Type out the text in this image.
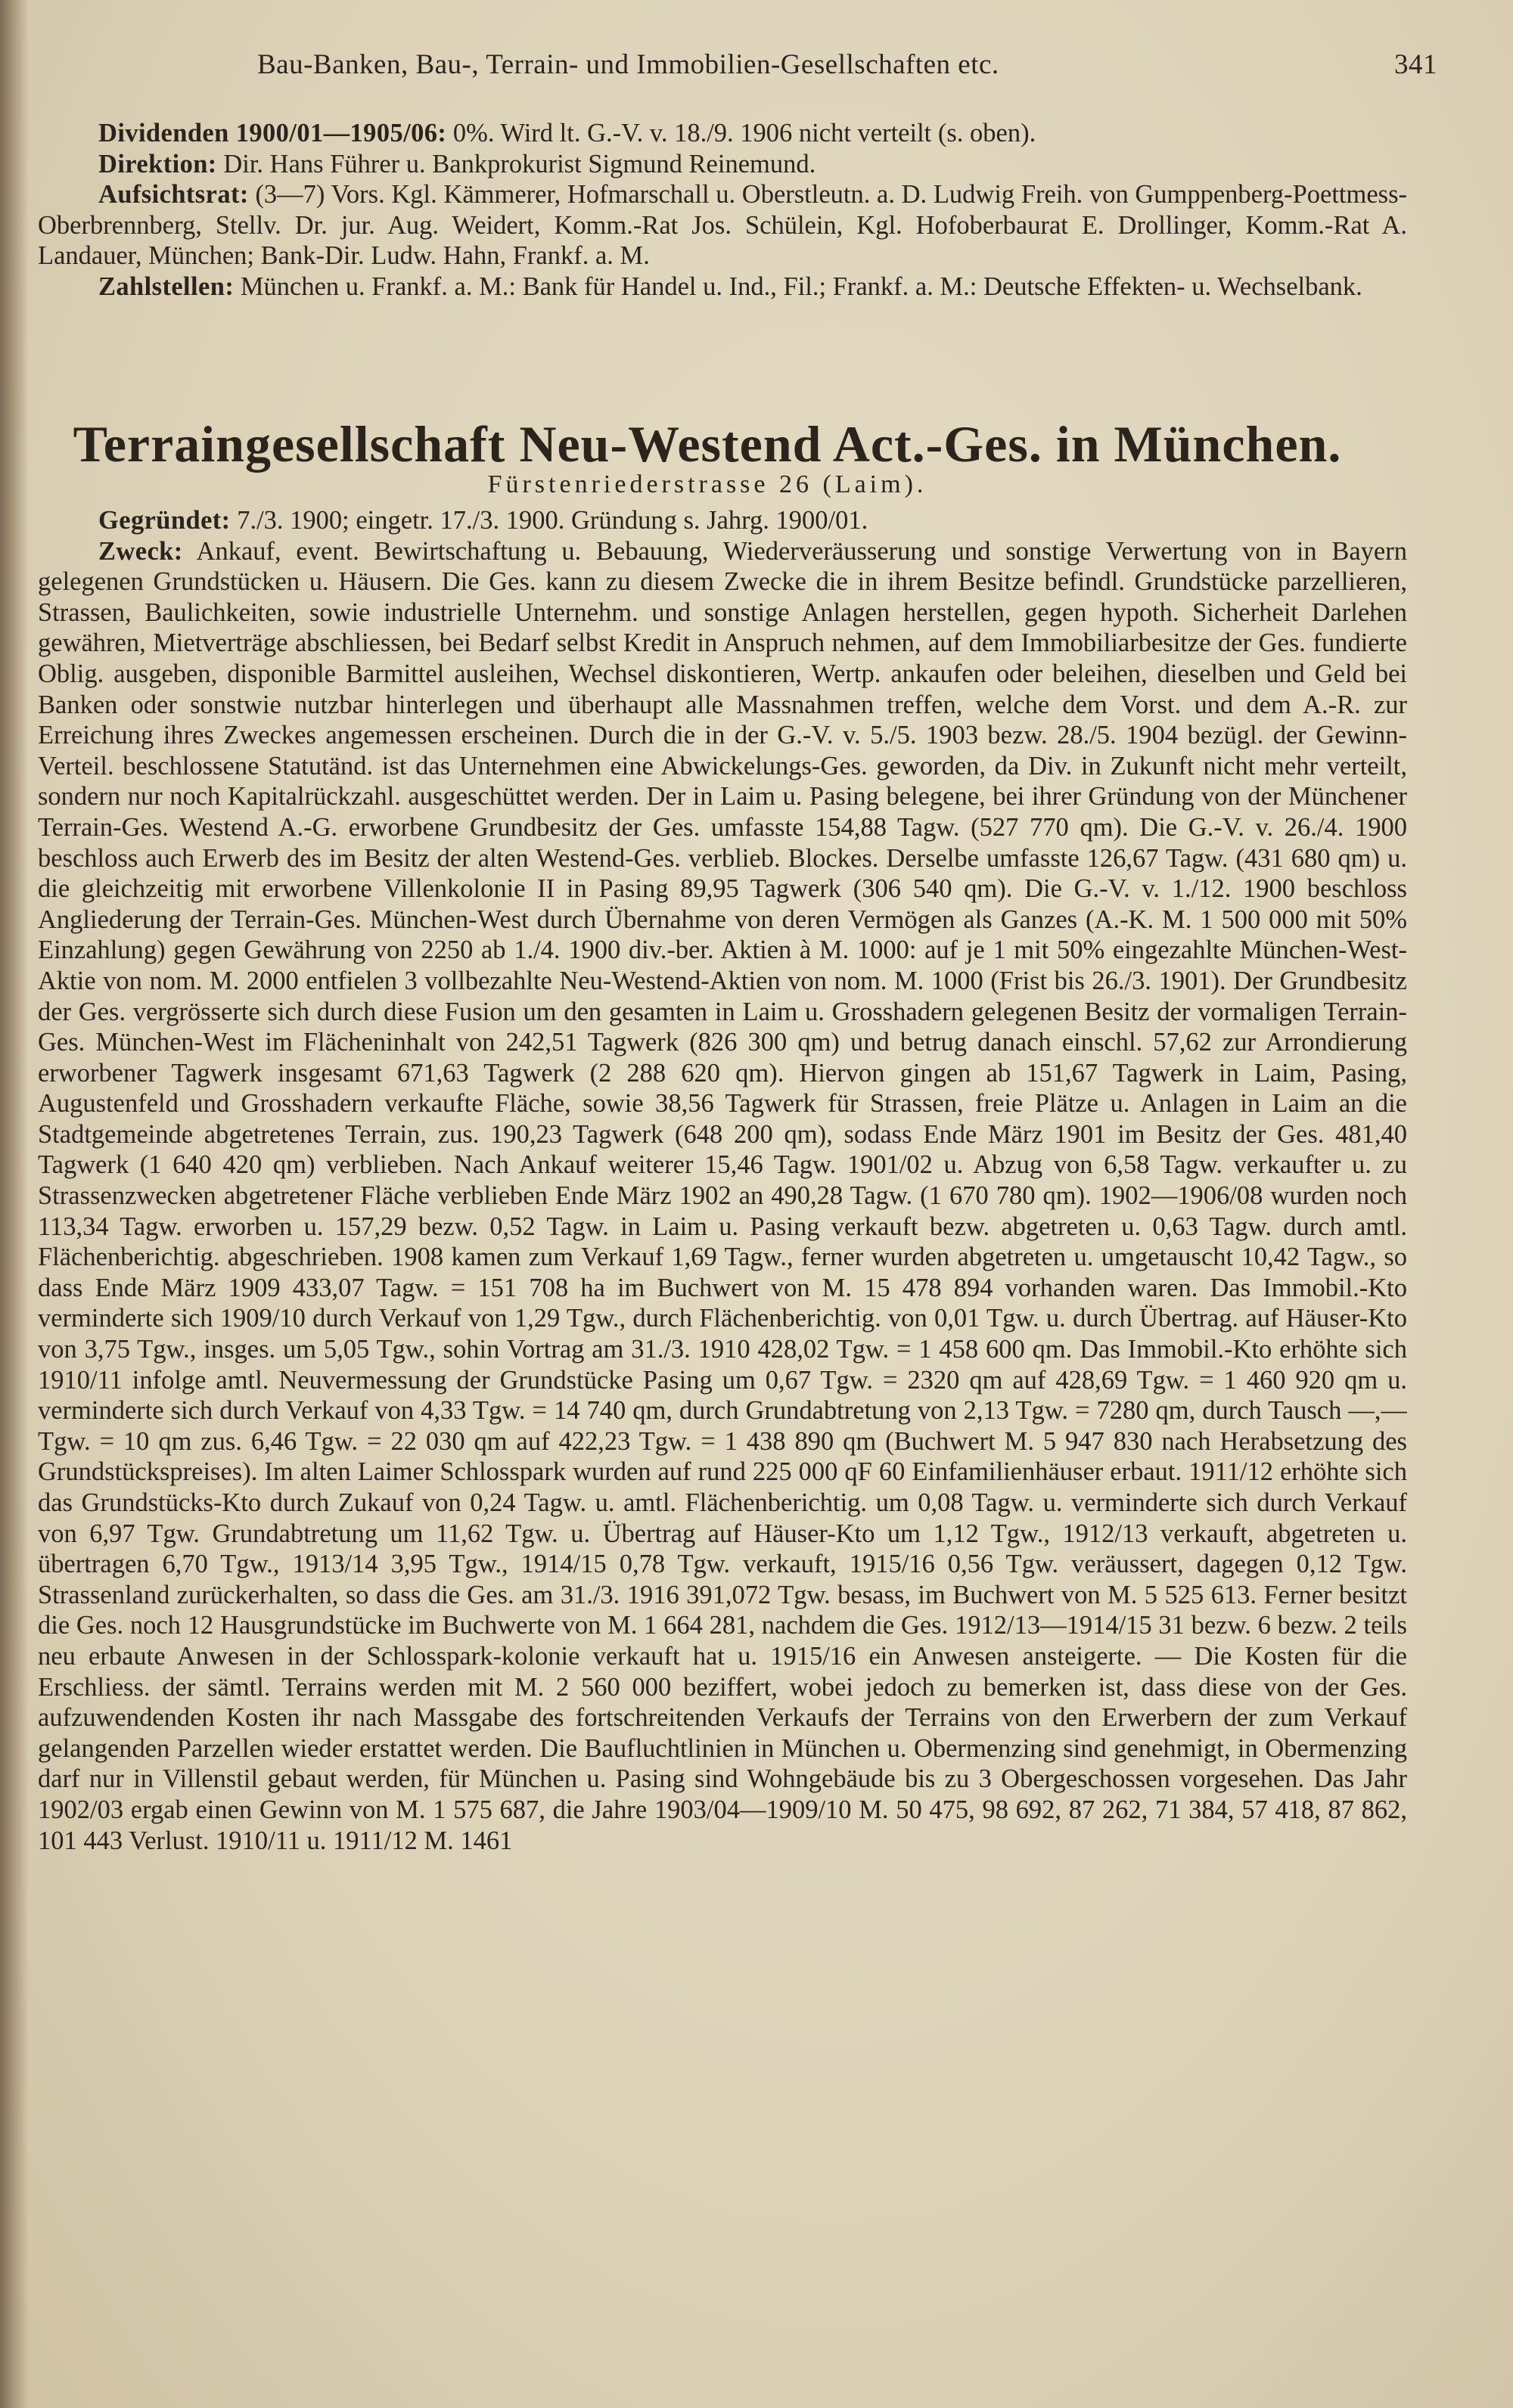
Bau-Banken, Bau-, Terrain- und Immobilien-Gesellschaften etc.	341

Dividenden 1900/01—1905/06: 0%. Wird lt. G.-V. v. 18./9. 1906 nicht verteilt (s. oben).

Direktion: Dir. Hans Führer u. Bankprokurist Sigmund Reinemund.

Aufsichtsrat: (3—7) Vors. Kgl. Kämmerer, Hofmarschall u. Oberstleutn. a. D. Ludwig Freih. von Gumppenberg-Poettmess-Oberbrennberg, Stellv. Dr. jur. Aug. Weidert, Komm.-Rat Jos. Schülein, Kgl. Hofoberbaurat E. Drollinger, Komm.-Rat A. Landauer, München; Bank-Dir. Ludw. Hahn, Frankf. a. M.

Zahlstellen: München u. Frankf. a. M.: Bank für Handel u. Ind., Fil.; Frankf. a. M.: Deutsche Effekten- u. Wechselbank.

Terraingesellschaft Neu-Westend Act.-Ges. in München.
Fürstenriederstrasse 26 (Laim).

Gegründet: 7./3. 1900; eingetr. 17./3. 1900. Gründung s. Jahrg. 1900/01.

Zweck: Ankauf, event. Bewirtschaftung u. Bebauung, Wiederveräusserung und sonstige Verwertung von in Bayern gelegenen Grundstücken u. Häusern. Die Ges. kann zu diesem Zwecke die in ihrem Besitze befindl. Grundstücke parzellieren, Strassen, Baulichkeiten, sowie industrielle Unternehm. und sonstige Anlagen herstellen, gegen hypoth. Sicherheit Darlehen gewähren, Mietverträge abschliessen, bei Bedarf selbst Kredit in Anspruch nehmen, auf dem Immobiliarbesitze der Ges. fundierte Oblig. ausgeben, disponible Barmittel ausleihen, Wechsel diskontieren, Wertp. ankaufen oder beleihen, dieselben und Geld bei Banken oder sonstwie nutzbar hinterlegen und überhaupt alle Massnahmen treffen, welche dem Vorst. und dem A.-R. zur Erreichung ihres Zweckes angemessen erscheinen. Durch die in der G.-V. v. 5./5. 1903 bezw. 28./5. 1904 bezügl. der Gewinn-Verteil. beschlossene Statutänd. ist das Unternehmen eine Abwickelungs-Ges. geworden, da Div. in Zukunft nicht mehr verteilt, sondern nur noch Kapitalrückzahl. ausgeschüttet werden. Der in Laim u. Pasing belegene, bei ihrer Gründung von der Münchener Terrain-Ges. Westend A.-G. erworbene Grundbesitz der Ges. umfasste 154,88 Tagw. (527 770 qm). Die G.-V. v. 26./4. 1900 beschloss auch Erwerb des im Besitz der alten Westend-Ges. verblieb. Blockes. Derselbe umfasste 126,67 Tagw. (431 680 qm) u. die gleichzeitig mit erworbene Villenkolonie II in Pasing 89,95 Tagwerk (306 540 qm). Die G.-V. v. 1./12. 1900 beschloss Angliederung der Terrain-Ges. München-West durch Übernahme von deren Vermögen als Ganzes (A.-K. M. 1 500 000 mit 50% Einzahlung) gegen Gewährung von 2250 ab 1./4. 1900 div.-ber. Aktien à M. 1000: auf je 1 mit 50% eingezahlte München-West-Aktie von nom. M. 2000 entfielen 3 vollbezahlte Neu-Westend-Aktien von nom. M. 1000 (Frist bis 26./3. 1901). Der Grundbesitz der Ges. vergrösserte sich durch diese Fusion um den gesamten in Laim u. Grosshadern gelegenen Besitz der vormaligen Terrain-Ges. München-West im Flächeninhalt von 242,51 Tagwerk (826 300 qm) und betrug danach einschl. 57,62 zur Arrondierung erworbener Tagwerk insgesamt 671,63 Tagwerk (2 288 620 qm). Hiervon gingen ab 151,67 Tagwerk in Laim, Pasing, Augustenfeld und Grosshadern verkaufte Fläche, sowie 38,56 Tagwerk für Strassen, freie Plätze u. Anlagen in Laim an die Stadtgemeinde abgetretenes Terrain, zus. 190,23 Tagwerk (648 200 qm), sodass Ende März 1901 im Besitz der Ges. 481,40 Tagwerk (1 640 420 qm) verblieben. Nach Ankauf weiterer 15,46 Tagw. 1901/02 u. Abzug von 6,58 Tagw. verkaufter u. zu Strassenzwecken abgetretener Fläche verblieben Ende März 1902 an 490,28 Tagw. (1 670 780 qm). 1902—1906/08 wurden noch 113,34 Tagw. erworben u. 157,29 bezw. 0,52 Tagw. in Laim u. Pasing verkauft bezw. abgetreten u. 0,63 Tagw. durch amtl. Flächenberichtig. abgeschrieben. 1908 kamen zum Verkauf 1,69 Tagw., ferner wurden abgetreten u. umgetauscht 10,42 Tagw., so dass Ende März 1909 433,07 Tagw. = 151 708 ha im Buchwert von M. 15 478 894 vorhanden waren. Das Immobil.-Kto verminderte sich 1909/10 durch Verkauf von 1,29 Tgw., durch Flächenberichtig. von 0,01 Tgw. u. durch Übertrag. auf Häuser-Kto von 3,75 Tgw., insges. um 5,05 Tgw., sohin Vortrag am 31./3. 1910 428,02 Tgw. = 1 458 600 qm. Das Immobil.-Kto erhöhte sich 1910/11 infolge amtl. Neuvermessung der Grundstücke Pasing um 0,67 Tgw. = 2320 qm auf 428,69 Tgw. = 1 460 920 qm u. verminderte sich durch Verkauf von 4,33 Tgw. = 14 740 qm, durch Grundabtretung von 2,13 Tgw. = 7280 qm, durch Tausch —,— Tgw. = 10 qm zus. 6,46 Tgw. = 22 030 qm auf 422,23 Tgw. = 1 438 890 qm (Buchwert M. 5 947 830 nach Herabsetzung des Grundstückspreises). Im alten Laimer Schlosspark wurden auf rund 225 000 qF 60 Einfamilienhäuser erbaut. 1911/12 erhöhte sich das Grundstücks-Kto durch Zukauf von 0,24 Tagw. u. amtl. Flächenberichtig. um 0,08 Tagw. u. verminderte sich durch Verkauf von 6,97 Tgw. Grundabtretung um 11,62 Tgw. u. Übertrag auf Häuser-Kto um 1,12 Tgw., 1912/13 verkauft, abgetreten u. übertragen 6,70 Tgw., 1913/14 3,95 Tgw., 1914/15 0,78 Tgw. verkauft, 1915/16 0,56 Tgw. veräussert, dagegen 0,12 Tgw. Strassenland zurückerhalten, so dass die Ges. am 31./3. 1916 391,072 Tgw. besass, im Buchwert von M. 5 525 613. Ferner besitzt die Ges. noch 12 Hausgrundstücke im Buchwerte von M. 1 664 281, nachdem die Ges. 1912/13—1914/15 31 bezw. 6 bezw. 2 teils neu erbaute Anwesen in der Schlosspark-kolonie verkauft hat u. 1915/16 ein Anwesen ansteigerte. — Die Kosten für die Erschliess. der sämtl. Terrains werden mit M. 2 560 000 beziffert, wobei jedoch zu bemerken ist, dass diese von der Ges. aufzuwendenden Kosten ihr nach Massgabe des fortschreitenden Verkaufs der Terrains von den Erwerbern der zum Verkauf gelangenden Parzellen wieder erstattet werden. Die Baufluchtlinien in München u. Obermenzing sind genehmigt, in Obermenzing darf nur in Villenstil gebaut werden, für München u. Pasing sind Wohngebäude bis zu 3 Obergeschossen vorgesehen. Das Jahr 1902/03 ergab einen Gewinn von M. 1 575 687, die Jahre 1903/04—1909/10 M. 50 475, 98 692, 87 262, 71 384, 57 418, 87 862, 101 443 Verlust. 1910/11 u. 1911/12 M. 1461
